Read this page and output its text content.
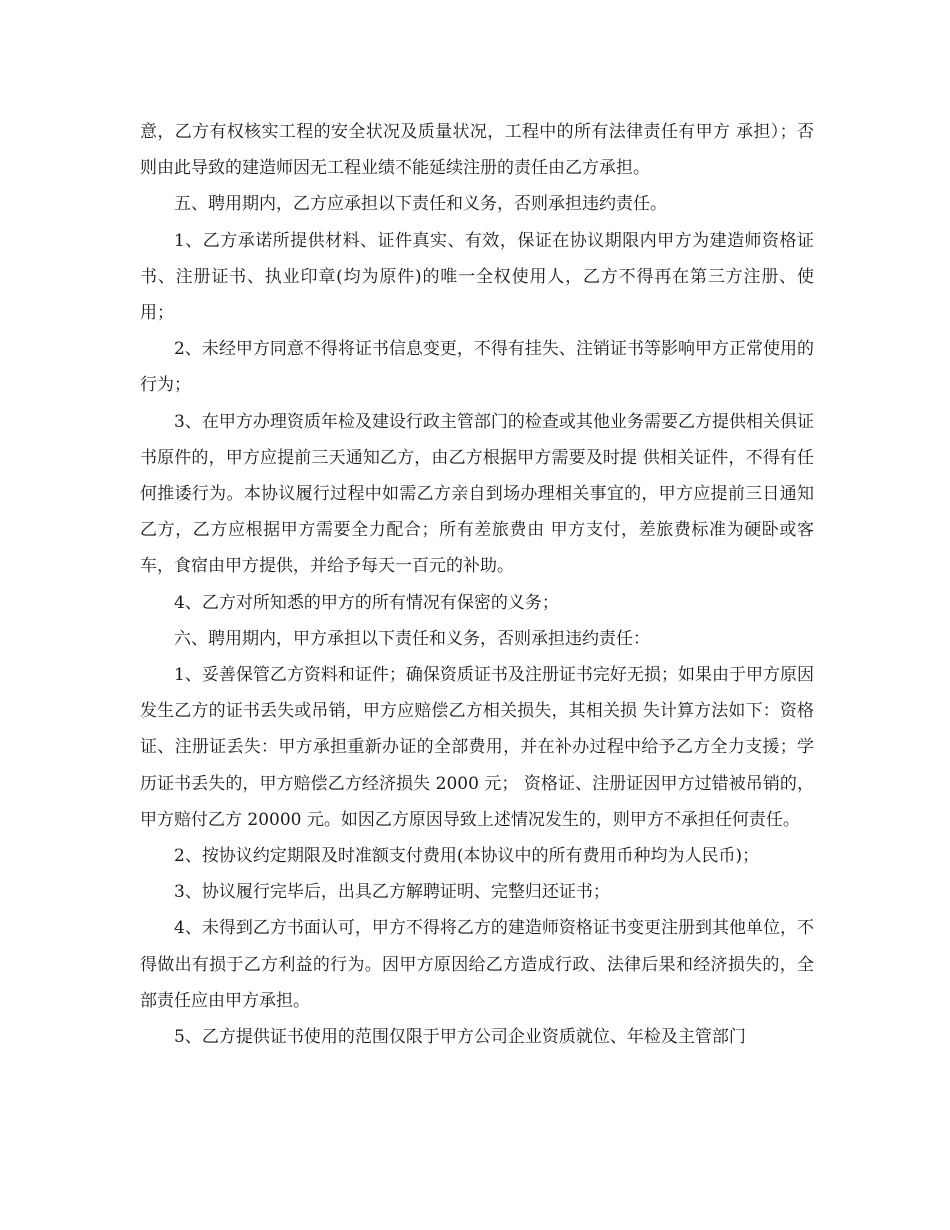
意，乙方有权核实工程的安全状况及质量状况，工程中的所有法律责任有甲方 承担）；否则由此导致的建造师因无工程业绩不能延续注册的责任由乙方承担。

五、聘用期内，乙方应承担以下责任和义务，否则承担违约责任。

1、乙方承诺所提供材料、证件真实、有效，保证在协议期限内甲方为建造师资格证书、注册证书、执业印章(均为原件)的唯一全权使用人，乙方不得再在第三方注册、使用；

2、未经甲方同意不得将证书信息变更，不得有挂失、注销证书等影响甲方正常使用的行为；

3、在甲方办理资质年检及建设行政主管部门的检查或其他业务需要乙方提供相关俱证书原件的，甲方应提前三天通知乙方，由乙方根据甲方需要及时提 供相关证件，不得有任何推诿行为。本协议履行过程中如需乙方亲自到场办理相关事宜的，甲方应提前三日通知乙方，乙方应根据甲方需要全力配合；所有差旅费由 甲方支付，差旅费标准为硬卧或客车，食宿由甲方提供，并给予每天一百元的补助。

4、乙方对所知悉的甲方的所有情况有保密的义务；

六、聘用期内，甲方承担以下责任和义务，否则承担违约责任：

1、妥善保管乙方资料和证件；确保资质证书及注册证书完好无损；如果由于甲方原因发生乙方的证书丢失或吊销，甲方应赔偿乙方相关损失，其相关损 失计算方法如下：资格证、注册证丢失：甲方承担重新办证的全部费用，并在补办过程中给予乙方全力支援；学历证书丢失的，甲方赔偿乙方经济损失 2000 元； 资格证、注册证因甲方过错被吊销的，甲方赔付乙方 20000 元。如因乙方原因导致上述情况发生的，则甲方不承担任何责任。

2、按协议约定期限及时准额支付费用(本协议中的所有费用币种均为人民币)；

3、协议履行完毕后，出具乙方解聘证明、完整归还证书；

4、未得到乙方书面认可，甲方不得将乙方的建造师资格证书变更注册到其他单位，不得做出有损于乙方利益的行为。因甲方原因给乙方造成行政、法律后果和经济损失的，全部责任应由甲方承担。

5、乙方提供证书使用的范围仅限于甲方公司企业资质就位、年检及主管部门
